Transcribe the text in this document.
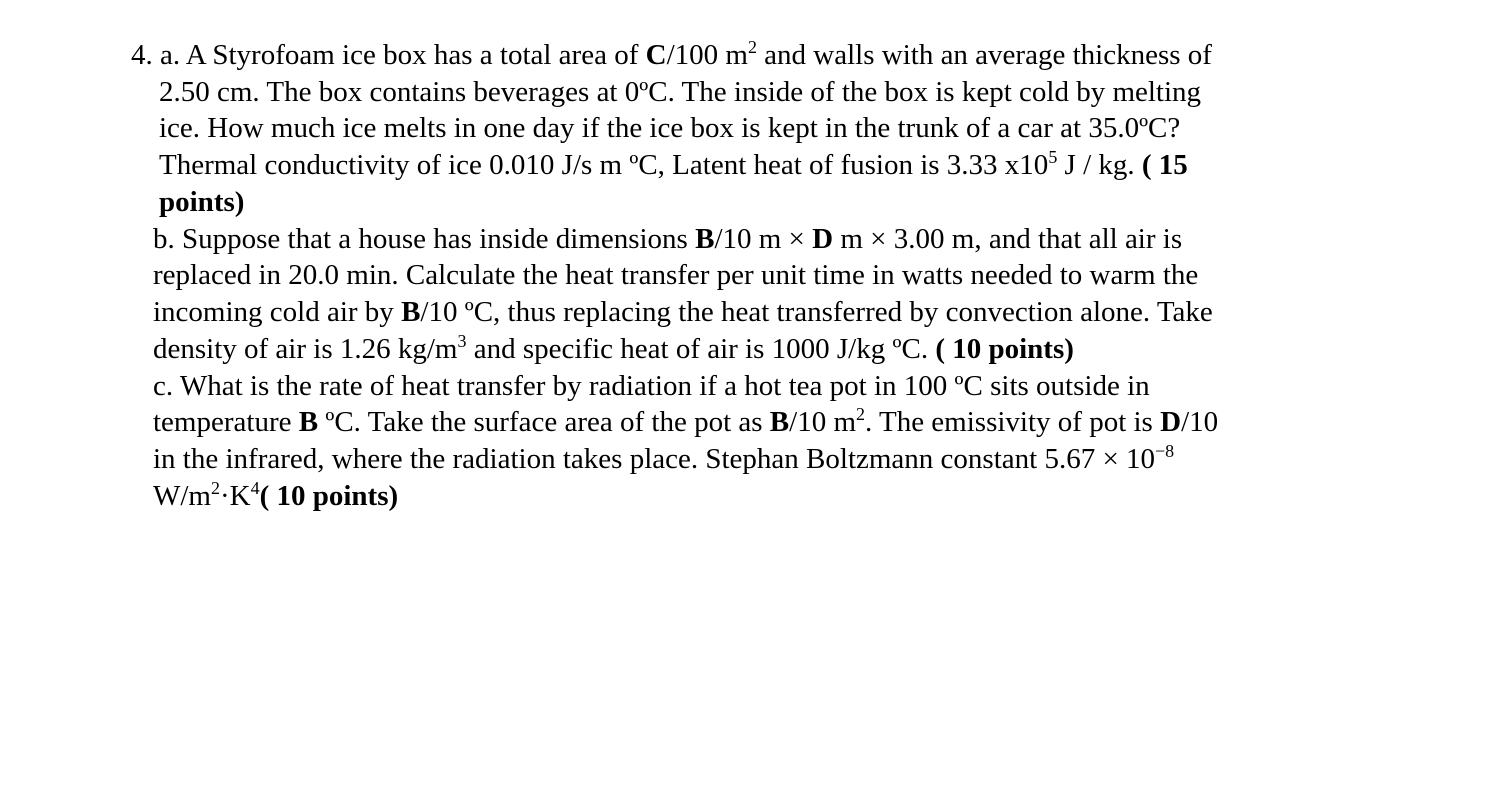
4. a. A Styrofoam ice box has a total area of C/100 $m^2$ and walls with an average thickness of
2.50 cm. The box contains beverages at 0ºC. The inside of the box is kept cold by melting
ice. How much ice melts in one day if the ice box is kept in the trunk of a car at 35.0ºC?
Thermal conductivity of ice 0.010 J/s m ºC, Latent heat of fusion is 3.33 $x10^5$ J / kg. ( 15
points)
b. Suppose that a house has inside dimensions B/10 m × D m × 3.00 m, and that all air is
replaced in 20.0 min. Calculate the heat transfer per unit time in watts needed to warm the
incoming cold air by B/10 ºC, thus replacing the heat transferred by convection alone. Take
density of air is 1.26 $kg/m^3$ and specific heat of air is 1000 J/kg ºC. ( 10 points)
c. What is the rate of heat transfer by radiation if a hot tea pot in 100 ºC sits outside in
temperature B ºC. Take the surface area of the pot as B/10 $m^2$. The emissivity of pot is D/10
in the infrared, where the radiation takes place. Stephan Boltzmann constant $5.67 \times 10^{-8}$
$W/m^2\cdot K^4$( 10 points)
